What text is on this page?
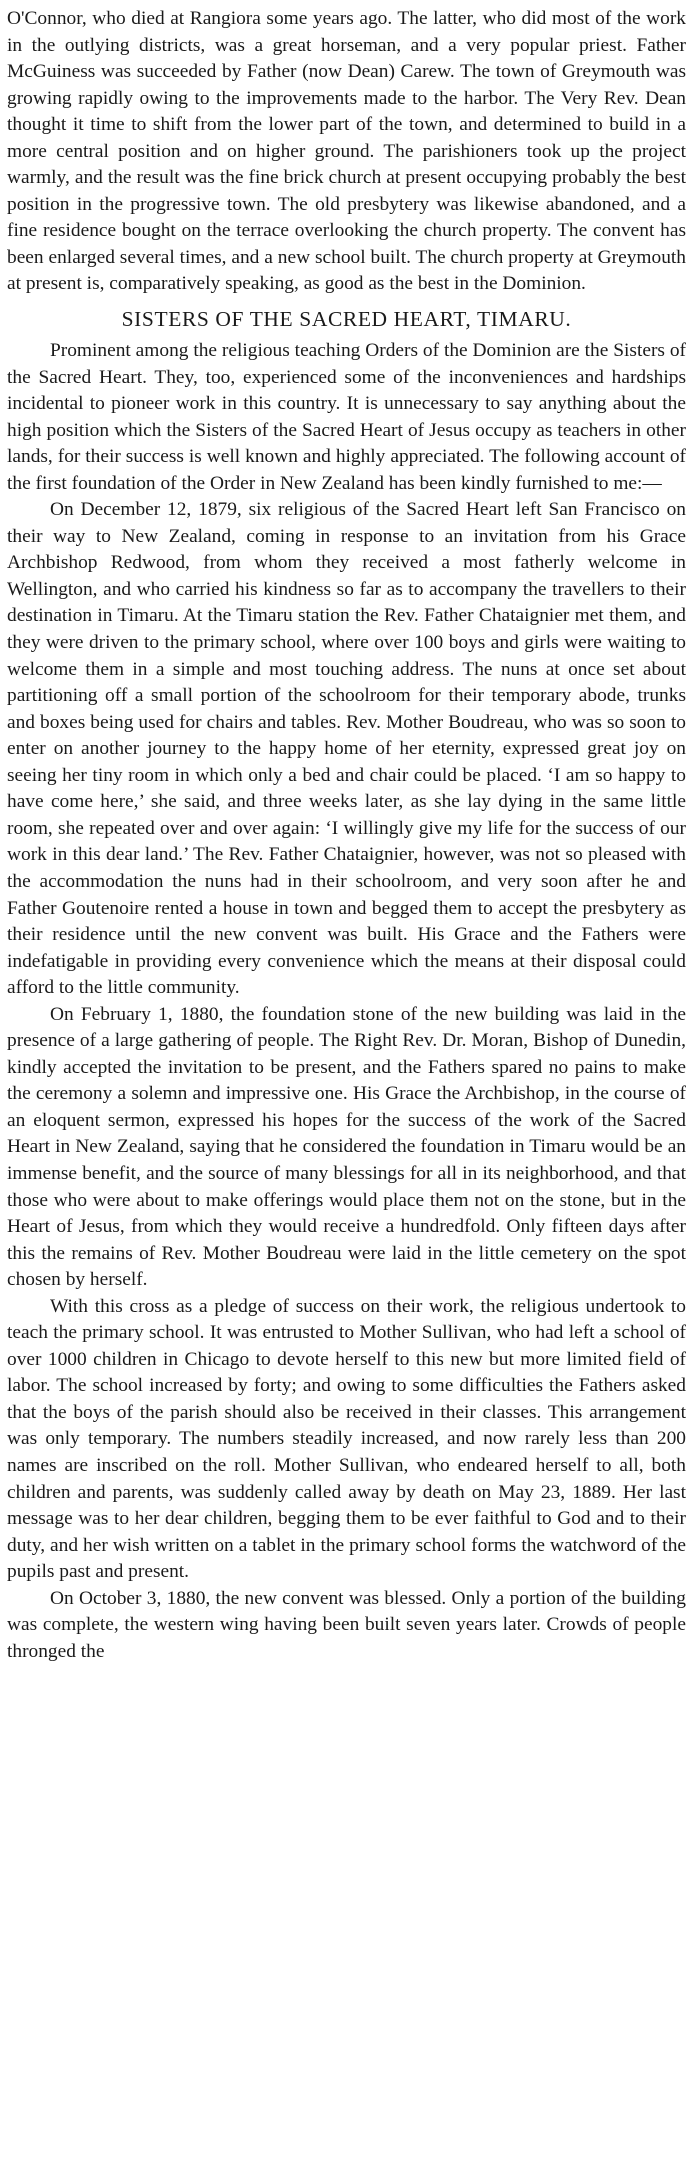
O'Connor, who died at Rangiora some years ago. The latter, who did most of the work in the outlying districts, was a great horseman, and a very popular priest. Father McGuiness was succeeded by Father (now Dean) Carew. The town of Greymouth was growing rapidly owing to the improvements made to the harbor. The Very Rev. Dean thought it time to shift from the lower part of the town, and determined to build in a more central position and on higher ground. The parishioners took up the project warmly, and the result was the fine brick church at present occupying probably the best position in the progressive town. The old presbytery was likewise abandoned, and a fine residence bought on the terrace overlooking the church property. The convent has been enlarged several times, and a new school built. The church property at Greymouth at present is, comparatively speaking, as good as the best in the Dominion.

SISTERS OF THE SACRED HEART, TIMARU.

Prominent among the religious teaching Orders of the Dominion are the Sisters of the Sacred Heart. They, too, experienced some of the inconveniences and hardships incidental to pioneer work in this country. It is unnecessary to say anything about the high position which the Sisters of the Sacred Heart of Jesus occupy as teachers in other lands, for their success is well known and highly appreciated. The following account of the first foundation of the Order in New Zealand has been kindly furnished to me:—

On December 12, 1879, six religious of the Sacred Heart left San Francisco on their way to New Zealand, coming in response to an invitation from his Grace Archbishop Redwood, from whom they received a most fatherly welcome in Wellington, and who carried his kindness so far as to accompany the travellers to their destination in Timaru. At the Timaru station the Rev. Father Chataignier met them, and they were driven to the primary school, where over 100 boys and girls were waiting to welcome them in a simple and most touching address. The nuns at once set about partitioning off a small portion of the schoolroom for their temporary abode, trunks and boxes being used for chairs and tables. Rev. Mother Boudreau, who was so soon to enter on another journey to the happy home of her eternity, expressed great joy on seeing her tiny room in which only a bed and chair could be placed. ‘I am so happy to have come here,’ she said, and three weeks later, as she lay dying in the same little room, she repeated over and over again: ‘I willingly give my life for the success of our work in this dear land.’ The Rev. Father Chataignier, however, was not so pleased with the accommodation the nuns had in their schoolroom, and very soon after he and Father Goutenoire rented a house in town and begged them to accept the presbytery as their residence until the new convent was built. His Grace and the Fathers were indefatigable in providing every convenience which the means at their disposal could afford to the little community.

On February 1, 1880, the foundation stone of the new building was laid in the presence of a large gathering of people. The Right Rev. Dr. Moran, Bishop of Dunedin, kindly accepted the invitation to be present, and the Fathers spared no pains to make the ceremony a solemn and impressive one. His Grace the Archbishop, in the course of an eloquent sermon, expressed his hopes for the success of the work of the Sacred Heart in New Zealand, saying that he considered the foundation in Timaru would be an immense benefit, and the source of many blessings for all in its neighborhood, and that those who were about to make offerings would place them not on the stone, but in the Heart of Jesus, from which they would receive a hundredfold. Only fifteen days after this the remains of Rev. Mother Boudreau were laid in the little cemetery on the spot chosen by herself.

With this cross as a pledge of success on their work, the religious undertook to teach the primary school. It was entrusted to Mother Sullivan, who had left a school of over 1000 children in Chicago to devote herself to this new but more limited field of labor. The school increased by forty; and owing to some difficulties the Fathers asked that the boys of the parish should also be received in their classes. This arrangement was only temporary. The numbers steadily increased, and now rarely less than 200 names are inscribed on the roll. Mother Sullivan, who endeared herself to all, both children and parents, was suddenly called away by death on May 23, 1889. Her last message was to her dear children, begging them to be ever faithful to God and to their duty, and her wish written on a tablet in the primary school forms the watchword of the pupils past and present.

On October 3, 1880, the new convent was blessed. Only a portion of the building was complete, the western wing having been built seven years later. Crowds of people thronged the
